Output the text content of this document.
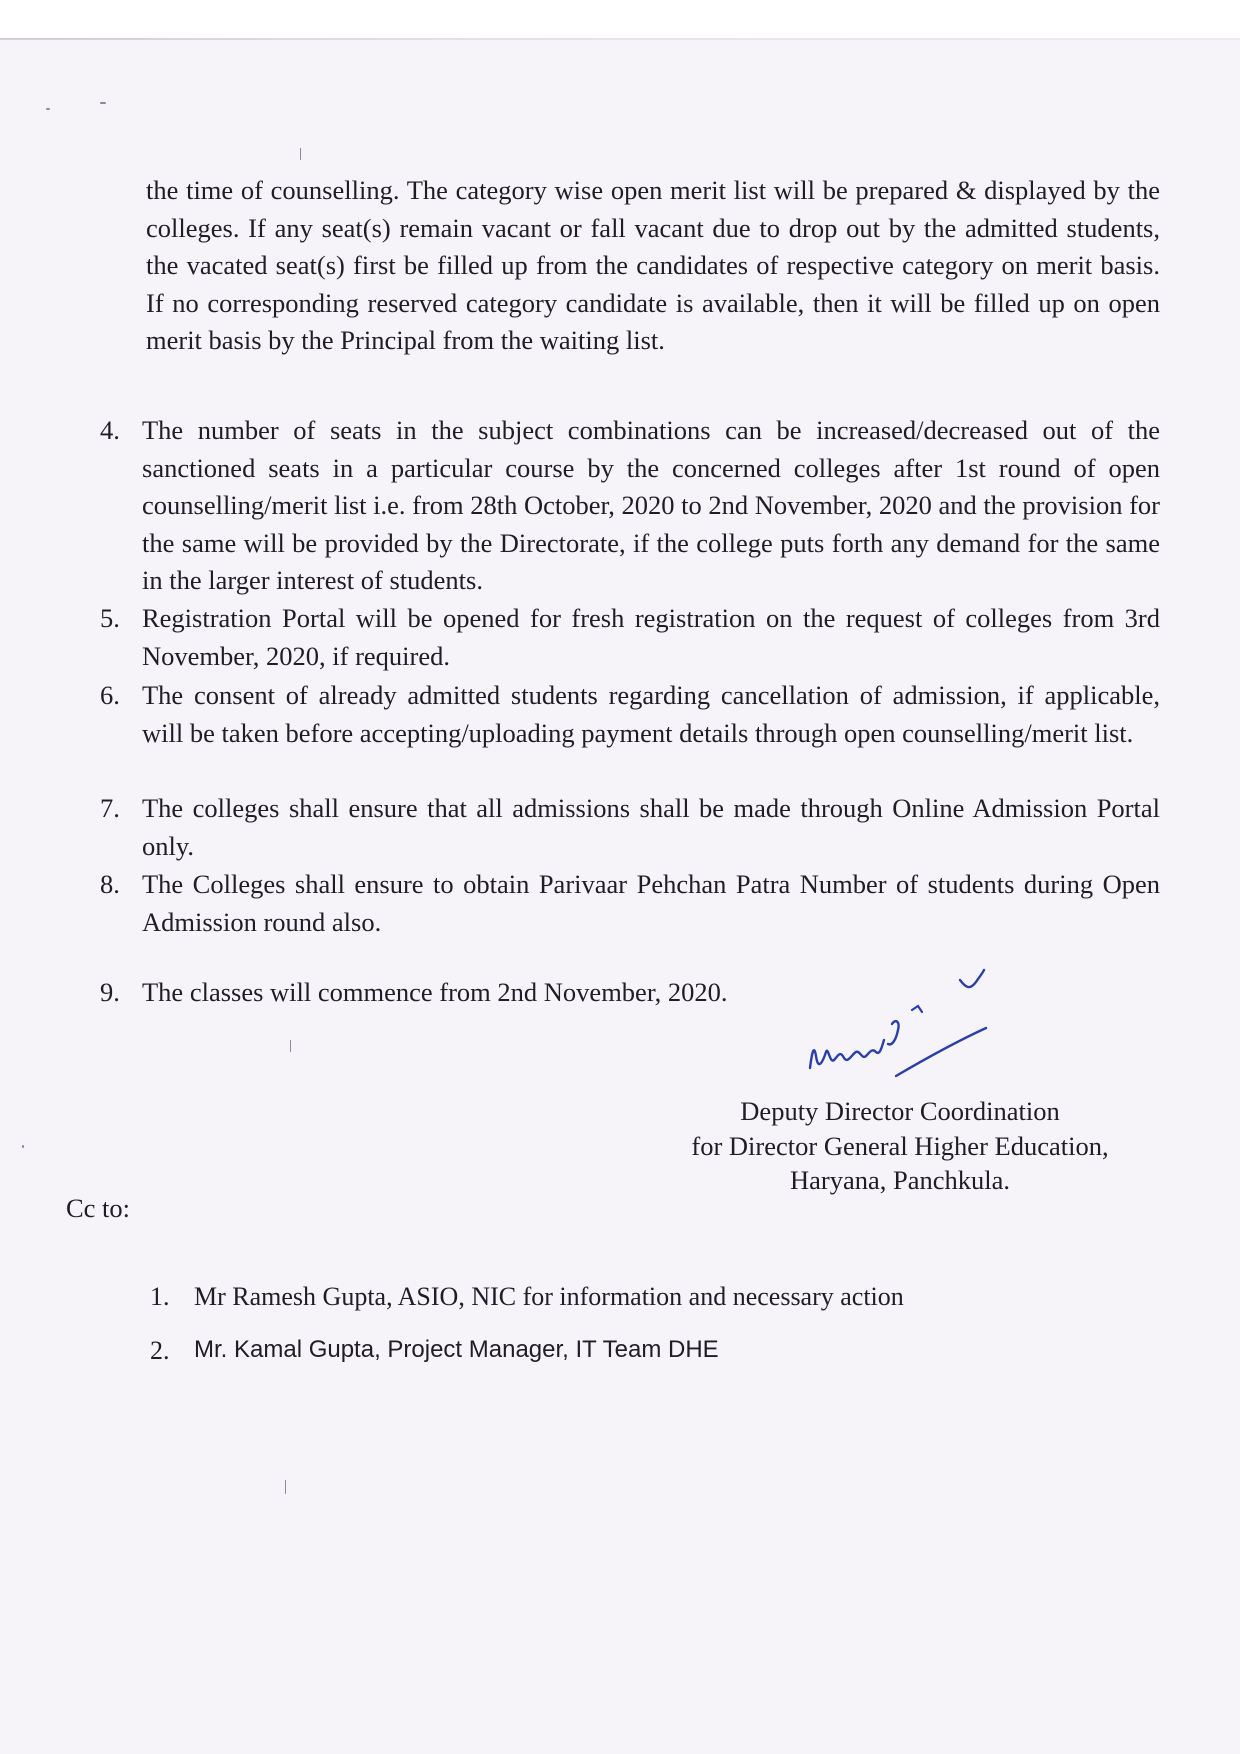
the time of counselling. The category wise open merit list will be prepared & displayed by the colleges. If any seat(s) remain vacant or fall vacant due to drop out by the admitted students, the vacated seat(s) first be filled up from the candidates of respective category on merit basis. If no corresponding reserved category candidate is available, then it will be filled up on open merit basis by the Principal from the waiting list.

4. The number of seats in the subject combinations can be increased/decreased out of the sanctioned seats in a particular course by the concerned colleges after 1st round of open counselling/merit list i.e. from 28th October, 2020 to 2nd November, 2020 and the provision for the same will be provided by the Directorate, if the college puts forth any demand for the same in the larger interest of students.
5. Registration Portal will be opened for fresh registration on the request of colleges from 3rd November, 2020, if required.
6. The consent of already admitted students regarding cancellation of admission, if applicable, will be taken before accepting/uploading payment details through open counselling/merit list.
7. The colleges shall ensure that all admissions shall be made through Online Admission Portal only.
8. The Colleges shall ensure to obtain Parivaar Pehchan Patra Number of students during Open Admission round also.
9. The classes will commence from 2nd November, 2020.
Deputy Director Coordination
for Director General Higher Education,
Haryana, Panchkula.
Cc to:
1. Mr Ramesh Gupta, ASIO, NIC for information and necessary action
2.	Mr. Kamal Gupta, Project Manager, IT Team DHE
